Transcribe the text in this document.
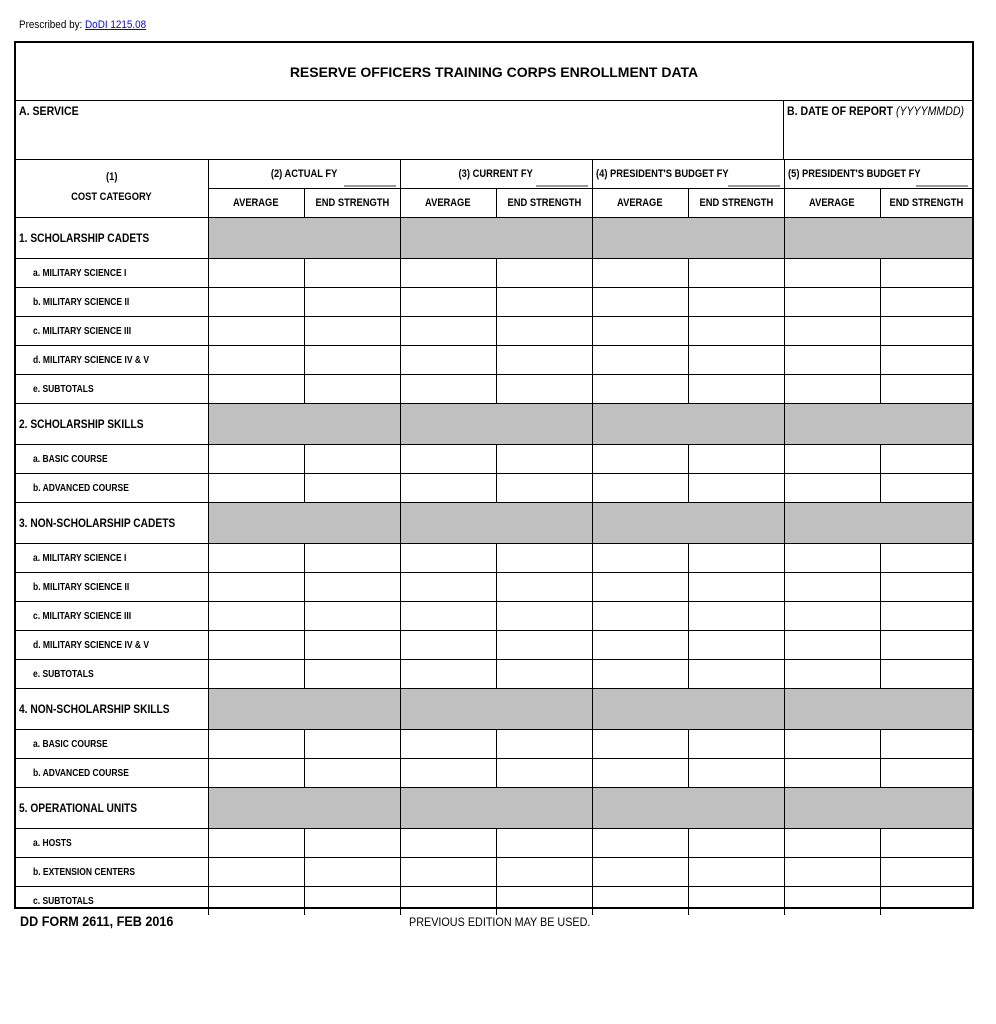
Prescribed by: DoDI 1215.08
RESERVE OFFICERS TRAINING CORPS ENROLLMENT DATA
A. SERVICE	B. DATE OF REPORT (YYYYMMDD)
(1)
COST CATEGORY	(2) ACTUAL FY		(3) CURRENT FY		(4) PRESIDENT'S BUDGET FY		(5) PRESIDENT'S BUDGET FY	

	AVERAGE	END STRENGTH	AVERAGE	END STRENGTH	AVERAGE	END STRENGTH	AVERAGE	END STRENGTH
1. SCHOLARSHIP CADETS								
a. MILITARY SCIENCE I								
b. MILITARY SCIENCE II								
c. MILITARY SCIENCE III								
d. MILITARY SCIENCE IV & V								
e. SUBTOTALS								
2. SCHOLARSHIP SKILLS								
a. BASIC COURSE								
b. ADVANCED COURSE								
3. NON-SCHOLARSHIP CADETS								
a. MILITARY SCIENCE I								
b. MILITARY SCIENCE II								
c. MILITARY SCIENCE III								
d. MILITARY SCIENCE IV & V								
e. SUBTOTALS								
4. NON-SCHOLARSHIP SKILLS								
a. BASIC COURSE								
b. ADVANCED COURSE								
5. OPERATIONAL UNITS								
a. HOSTS								
b. EXTENSION CENTERS								
c. SUBTOTALS								
DD FORM 2611, FEB 2016	PREVIOUS EDITION MAY BE USED.
